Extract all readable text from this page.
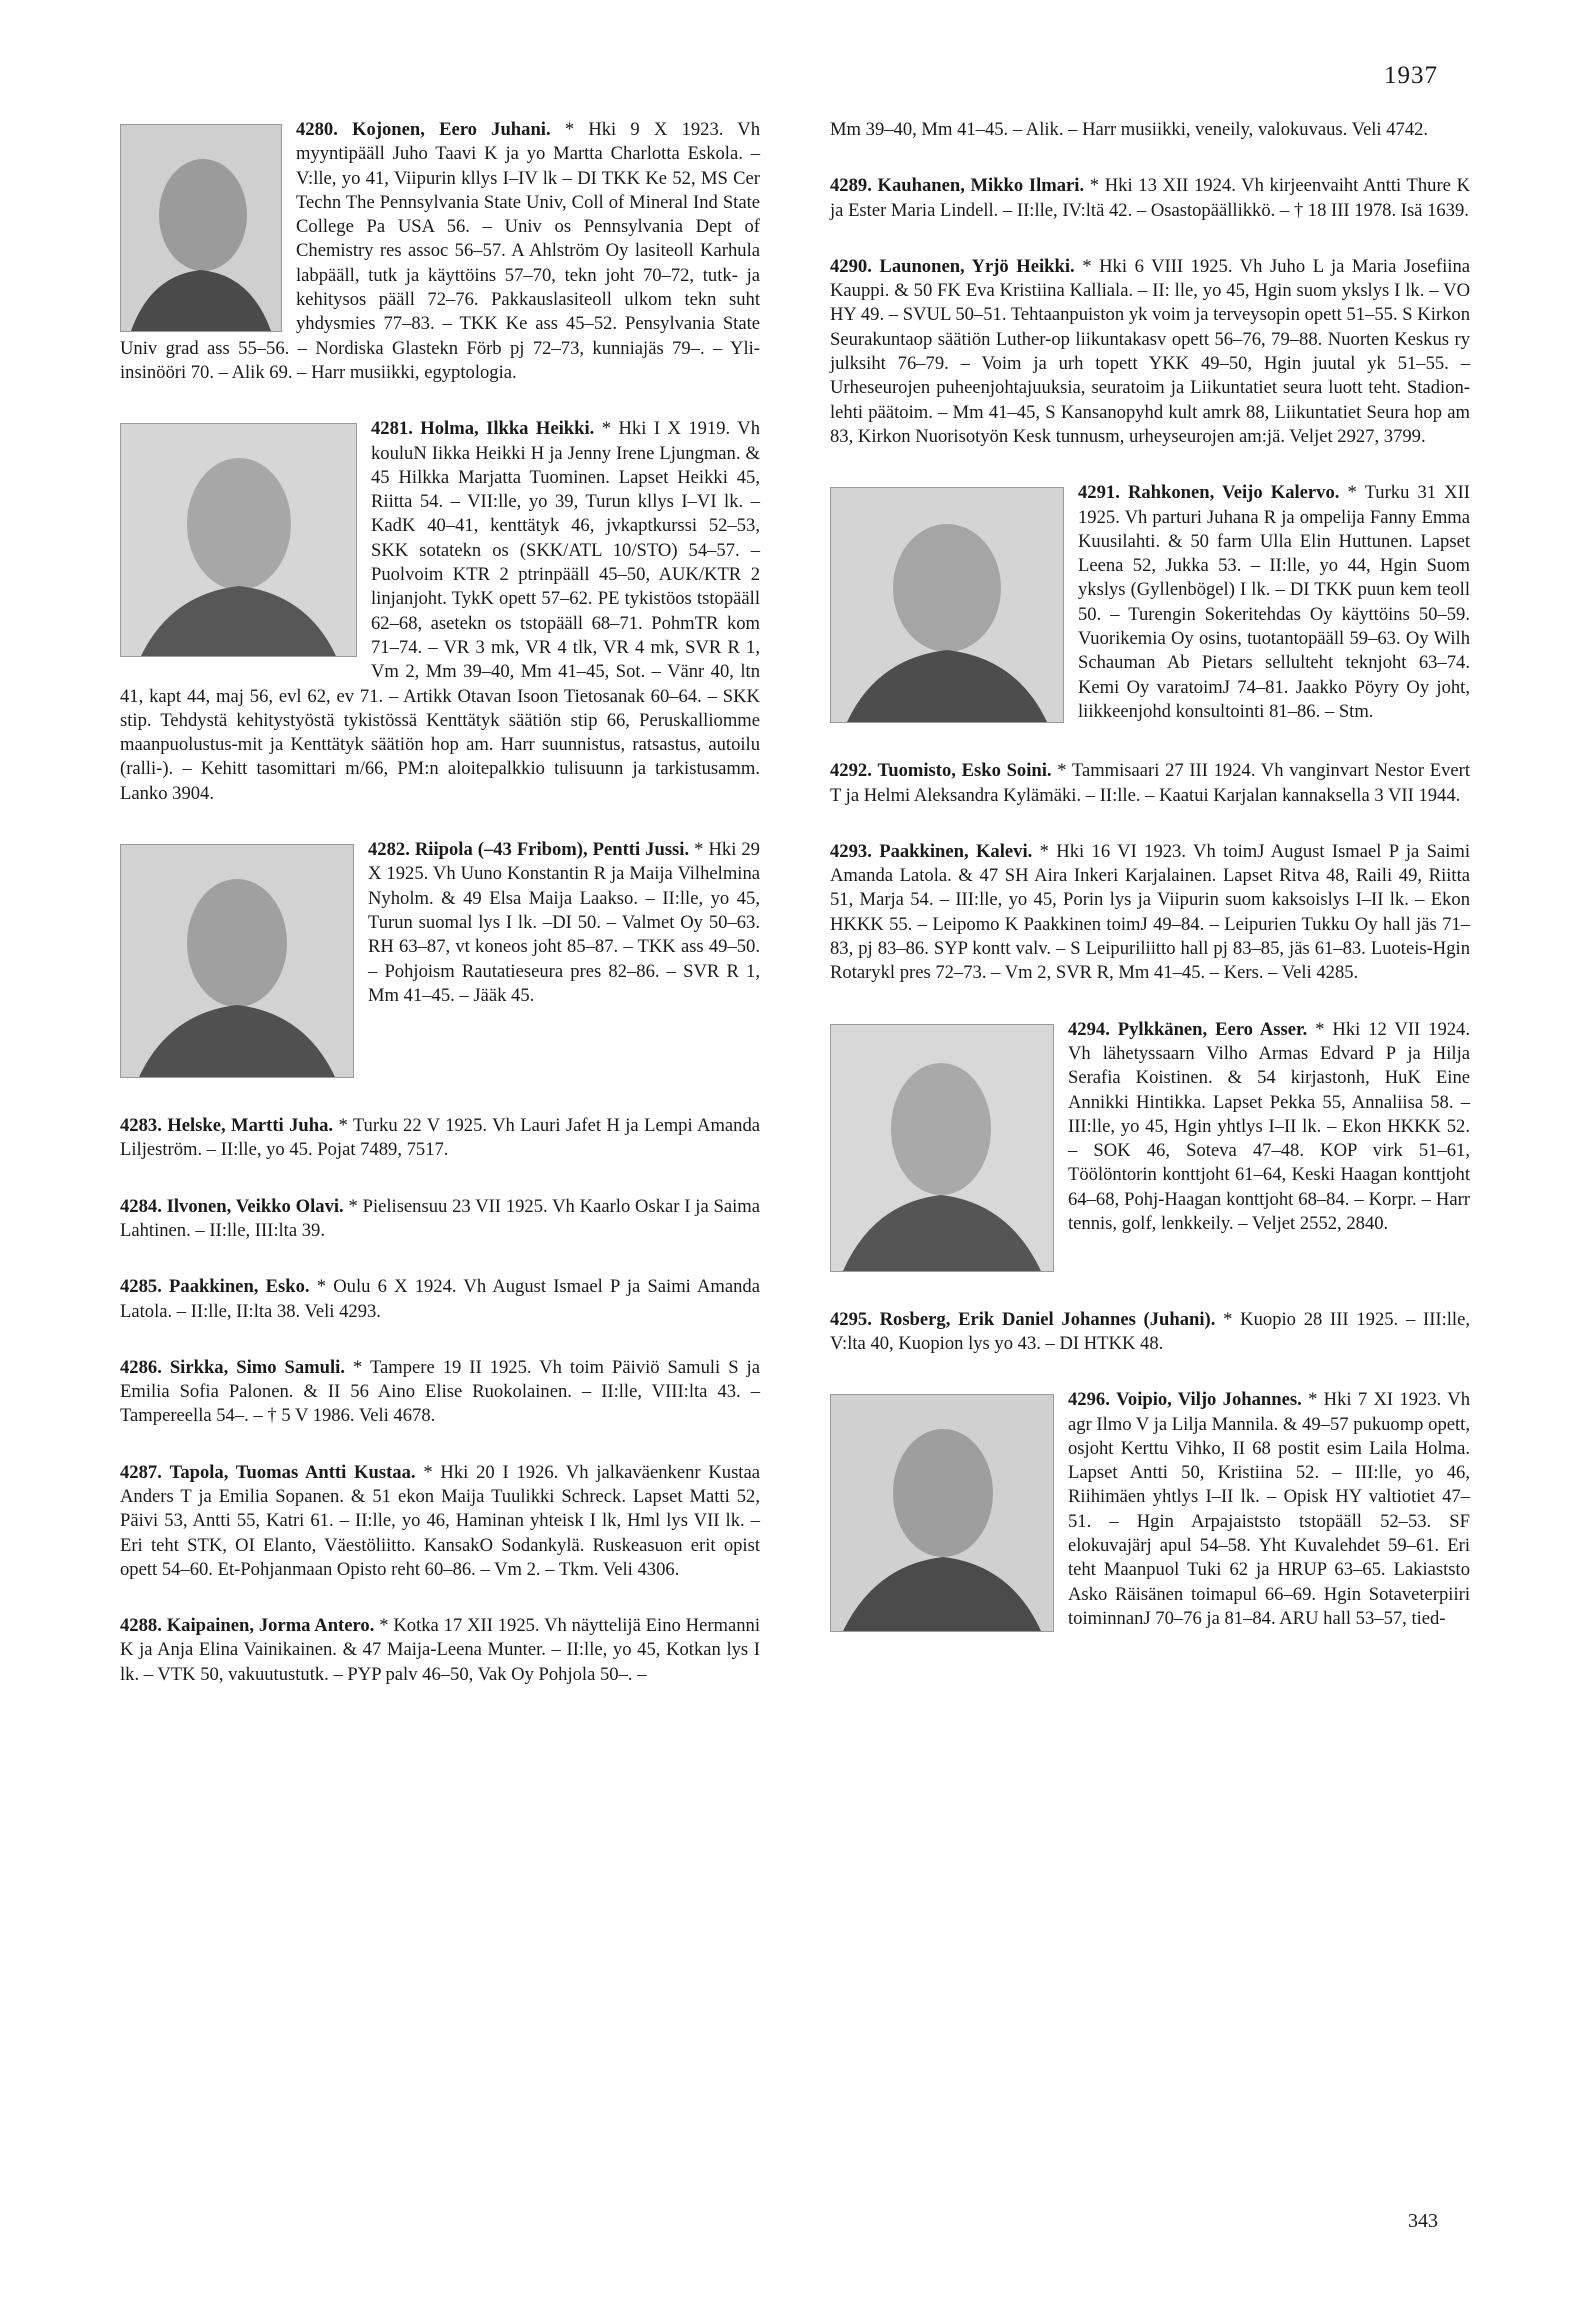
1937

4280. Kojonen, Eero Juhani. * Hki 9 X 1923. Vh myyntipääll Juho Taavi K ja yo Martta Charlotta Eskola. – V:lle, yo 41, Viipurin kllys I–IV lk – DI TKK Ke 52, MS Cer Techn The Pennsylvania State Univ, Coll of Mineral Ind State College Pa USA 56. – Univ os Pennsylvania Dept of Chemistry res assoc 56–57. A Ahlström Oy lasiteoll Karhula labpääll, tutk ja käyttöins 57–70, tekn joht 70–72, tutk- ja kehitysos pääll 72–76. Pakkauslasiteoll ulkom tekn suht yhdysmies 77–83. – TKK Ke ass 45–52. Pensylvania State Univ grad ass 55–56. – Nordiska Glastekn Förb pj 72–73, kunniajäs 79–. – Yli-insinööri 70. – Alik 69. – Harr musiikki, egyptologia.

4281. Holma, Ilkka Heikki. * Hki I X 1919. Vh kouluN Iikka Heikki H ja Jenny Irene Ljungman. & 45 Hilkka Marjatta Tuominen. Lapset Heikki 45, Riitta 54. – VII:lle, yo 39, Turun kllys I–VI lk. – KadK 40–41, kenttätyk 46, jvkaptkurssi 52–53, SKK sotatekn os (SKK/ATL 10/STO) 54–57. – Puolvoim KTR 2 ptrinpääll 45–50, AUK/KTR 2 linjanjoht. TykK opett 57–62. PE tykistöos tstopääll 62–68, asetekn os tstopääll 68–71. PohmTR kom 71–74. – VR 3 mk, VR 4 tlk, VR 4 mk, SVR R 1, Vm 2, Mm 39–40, Mm 41–45, Sot. – Vänr 40, ltn 41, kapt 44, maj 56, evl 62, ev 71. – Artikk Otavan Isoon Tietosanak 60–64. – SKK stip. Tehdystä kehitystyöstä tykistössä Kenttätyk säätiön stip 66, Peruskalliomme maanpuolustus-mit ja Kenttätyk säätiön hop am. Harr suunnistus, ratsastus, autoilu (ralli-). – Kehitt tasomittari m/66, PM:n aloitepalkkio tulisuunn ja tarkistusamm. Lanko 3904.

4282. Riipola (–43 Fribom), Pentti Jussi. * Hki 29 X 1925. Vh Uuno Konstantin R ja Maija Vilhelmina Nyholm. & 49 Elsa Maija Laakso. – II:lle, yo 45, Turun suomal lys I lk. –DI 50. – Valmet Oy 50–63. RH 63–87, vt koneos joht 85–87. – TKK ass 49–50. – Pohjoism Rautatieseura pres 82–86. – SVR R 1, Mm 41–45. – Jääk 45.

4283. Helske, Martti Juha. * Turku 22 V 1925. Vh Lauri Jafet H ja Lempi Amanda Liljeström. – II:lle, yo 45. Pojat 7489, 7517.

4284. Ilvonen, Veikko Olavi. * Pielisensuu 23 VII 1925. Vh Kaarlo Oskar I ja Saima Lahtinen. – II:lle, III:lta 39.

4285. Paakkinen, Esko. * Oulu 6 X 1924. Vh August Ismael P ja Saimi Amanda Latola. – II:lle, II:lta 38. Veli 4293.

4286. Sirkka, Simo Samuli. * Tampere 19 II 1925. Vh toim Päiviö Samuli S ja Emilia Sofia Palonen. & II 56 Aino Elise Ruokolainen. – II:lle, VIII:lta 43. – Tampereella 54–. – † 5 V 1986. Veli 4678.

4287. Tapola, Tuomas Antti Kustaa. * Hki 20 I 1926. Vh jalkaväenkenr Kustaa Anders T ja Emilia Sopanen. & 51 ekon Maija Tuulikki Schreck. Lapset Matti 52, Päivi 53, Antti 55, Katri 61. – II:lle, yo 46, Haminan yhteisk I lk, Hml lys VII lk. – Eri teht STK, OI Elanto, Väestöliitto. KansakO Sodankylä. Ruskeasuon erit opist opett 54–60. Et-Pohjanmaan Opisto reht 60–86. – Vm 2. – Tkm. Veli 4306.

4288. Kaipainen, Jorma Antero. * Kotka 17 XII 1925. Vh näyttelijä Eino Hermanni K ja Anja Elina Vainikainen. & 47 Maija-Leena Munter. – II:lle, yo 45, Kotkan lys I lk. – VTK 50, vakuutustutk. – PYP palv 46–50, Vak Oy Pohjola 50–. –

Mm 39–40, Mm 41–45. – Alik. – Harr musiikki, veneily, valokuvaus. Veli 4742.

4289. Kauhanen, Mikko Ilmari. * Hki 13 XII 1924. Vh kirjeenvaiht Antti Thure K ja Ester Maria Lindell. – II:lle, IV:ltä 42. – Osastopäällikkö. – † 18 III 1978. Isä 1639.

4290. Launonen, Yrjö Heikki. * Hki 6 VIII 1925. Vh Juho L ja Maria Josefiina Kauppi. & 50 FK Eva Kristiina Kalliala. – II: lle, yo 45, Hgin suom ykslys I lk. – VO HY 49. – SVUL 50–51. Tehtaanpuiston yk voim ja terveysopin opett 51–55. S Kirkon Seurakuntaop säätiön Luther-op liikuntakasv opett 56–76, 79–88. Nuorten Keskus ry julksiht 76–79. – Voim ja urh topett YKK 49–50, Hgin juutal yk 51–55. – Urheseurojen puheenjohtajuuksia, seuratoim ja Liikuntatiet seura luott teht. Stadion-lehti päätoim. – Mm 41–45, S Kansanopyhd kult amrk 88, Liikuntatiet Seura hop am 83, Kirkon Nuorisotyön Kesk tunnusm, urheyseurojen am:jä. Veljet 2927, 3799.

4291. Rahkonen, Veijo Kalervo. * Turku 31 XII 1925. Vh parturi Juhana R ja ompelija Fanny Emma Kuusilahti. & 50 farm Ulla Elin Huttunen. Lapset Leena 52, Jukka 53. – II:lle, yo 44, Hgin Suom ykslys (Gyllenbögel) I lk. – DI TKK puun kem teoll 50. – Turengin Sokeritehdas Oy käyttöins 50–59. Vuorikemia Oy osins, tuotantopääll 59–63. Oy Wilh Schauman Ab Pietars sellulteht teknjoht 63–74. Kemi Oy varatoimJ 74–81. Jaakko Pöyry Oy joht, liikkeenjohd konsultointi 81–86. – Stm.

4292. Tuomisto, Esko Soini. * Tammisaari 27 III 1924. Vh vanginvart Nestor Evert T ja Helmi Aleksandra Kylämäki. – II:lle. – Kaatui Karjalan kannaksella 3 VII 1944.

4293. Paakkinen, Kalevi. * Hki 16 VI 1923. Vh toimJ August Ismael P ja Saimi Amanda Latola. & 47 SH Aira Inkeri Karjalainen. Lapset Ritva 48, Raili 49, Riitta 51, Marja 54. – III:lle, yo 45, Porin lys ja Viipurin suom kaksoislys I–II lk. – Ekon HKKK 55. – Leipomo K Paakkinen toimJ 49–84. – Leipurien Tukku Oy hall jäs 71–83, pj 83–86. SYP kontt valv. – S Leipuriliitto hall pj 83–85, jäs 61–83. Luoteis-Hgin Rotarykl pres 72–73. – Vm 2, SVR R, Mm 41–45. – Kers. – Veli 4285.

4294. Pylkkänen, Eero Asser. * Hki 12 VII 1924. Vh lähetyssaarn Vilho Armas Edvard P ja Hilja Serafia Koistinen. & 54 kirjastonh, HuK Eine Annikki Hintikka. Lapset Pekka 55, Annaliisa 58. – III:lle, yo 45, Hgin yhtlys I–II lk. – Ekon HKKK 52. – SOK 46, Soteva 47–48. KOP virk 51–61, Töölöntorin konttjoht 61–64, Keski Haagan konttjoht 64–68, Pohj-Haagan konttjoht 68–84. – Korpr. – Harr tennis, golf, lenkkeily. – Veljet 2552, 2840.

4295. Rosberg, Erik Daniel Johannes (Juhani). * Kuopio 28 III 1925. – III:lle, V:lta 40, Kuopion lys yo 43. – DI HTKK 48.

4296. Voipio, Viljo Johannes. * Hki 7 XI 1923. Vh agr Ilmo V ja Lilja Mannila. & 49–57 pukuomp opett, osjoht Kerttu Vihko, II 68 postit esim Laila Holma. Lapset Antti 50, Kristiina 52. – III:lle, yo 46, Riihimäen yhtlys I–II lk. – Opisk HY valtiotiet 47–51. – Hgin Arpajaiststo tstopääll 52–53. SF elokuvajärj apul 54–58. Yht Kuvalehdet 59–61. Eri teht Maanpuol Tuki 62 ja HRUP 63–65. Lakiaststo Asko Räisänen toimapul 66–69. Hgin Sotaveterpiiri toiminnanJ 70–76 ja 81–84. ARU hall 53–57, tied-

343
